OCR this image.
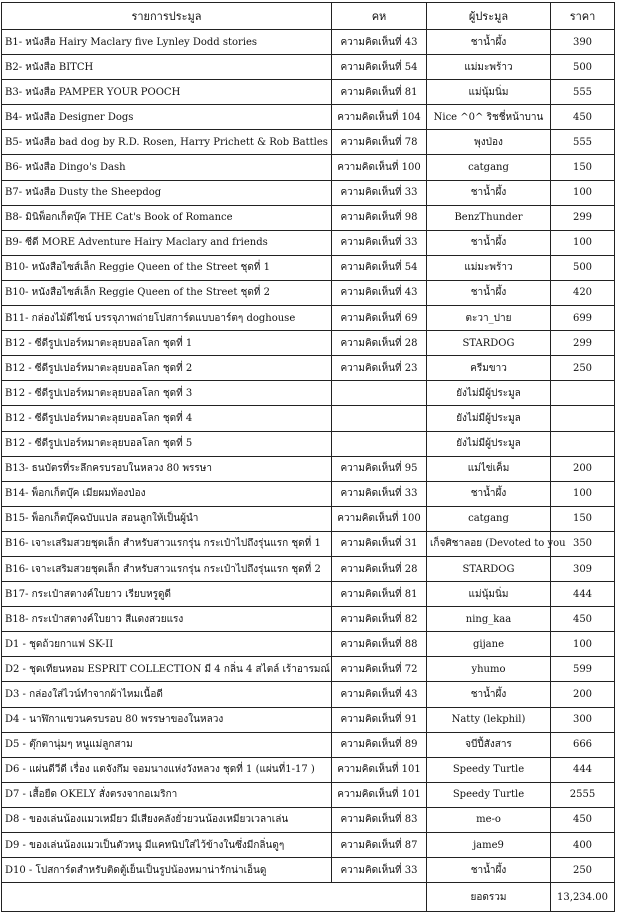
รายการประมูล	คห	ผู้ประมูล	ราคา
B1- หนังสือ Hairy Maclary five Lynley Dodd stories	ความคิดเห็นที่ 43	ชาน้ำผึ้ง	390
B2- หนังสือ BITCH	ความคิดเห็นที่ 54	แม่มะพร้าว	500
B3- หนังสือ PAMPER YOUR POOCH	ความคิดเห็นที่ 81	แม่นุ้มนิ่ม	555
B4- หนังสือ Designer Dogs	ความคิดเห็นที่ 104	Nice ^0^ ริชชี่หน้าบาน	450
B5- หนังสือ bad dog by R.D. Rosen, Harry Prichett & Rob Battles	ความคิดเห็นที่ 78	พุงป่อง	555
B6- หนังสือ Dingo's Dash	ความคิดเห็นที่ 100	catgang	150
B7- หนังสือ Dusty the Sheepdog	ความคิดเห็นที่ 33	ชาน้ำผึ้ง	100
B8- มินิพ็อกเก็ตบุ๊ค THE Cat's Book of Romance	ความคิดเห็นที่ 98	BenzThunder	299
B9- ซีดี MORE Adventure Hairy Maclary and friends	ความคิดเห็นที่ 33	ชาน้ำผึ้ง	100
B10- หนังสือไซส์เล็ก Reggie Queen of the Street ชุดที่ 1	ความคิดเห็นที่ 54	แม่มะพร้าว	500
B10- หนังสือไซส์เล็ก Reggie Queen of the Street ชุดที่ 2	ความคิดเห็นที่ 43	ชาน้ำผึ้ง	420
B11- กล่องไม้ดีไซน์ บรรจุภาพถ่ายโปสการ์ดแบบอาร์ตๆ doghouse	ความคิดเห็นที่ 69	ตะวา_ปาย	699
B12 - ซีดีรูปเปอร์หมาตะลุยบอลโลก ชุดที่ 1	ความคิดเห็นที่ 28	STARDOG	299
B12 - ซีดีรูปเปอร์หมาตะลุยบอลโลก ชุดที่ 2	ความคิดเห็นที่ 23	ครีมขาว	250
B12 - ซีดีรูปเปอร์หมาตะลุยบอลโลก ชุดที่ 3		ยังไม่มีผู้ประมูล	
B12 - ซีดีรูปเปอร์หมาตะลุยบอลโลก ชุดที่ 4		ยังไม่มีผู้ประมูล	
B12 - ซีดีรูปเปอร์หมาตะลุยบอลโลก ชุดที่ 5		ยังไม่มีผู้ประมูล	
B13- ธนบัตรที่ระลึกครบรอบในหลวง 80 พรรษา	ความคิดเห็นที่ 95	แม่ไข่เค็ม	200
B14- พ็อกเก็ตบุ๊ค เมียผมท้องป่อง	ความคิดเห็นที่ 33	ชาน้ำผึ้ง	100
B15- พ็อกเก็ตบุ๊คฉบับแปล สอนลูกให้เป็นผู้นำ	ความคิดเห็นที่ 100	catgang	150
B16- เจาะเสริมสวยชุดเล็ก สำหรับสาวแรกรุ่น กระเป๋าไปถึงรุ่นแรก ชุดที่ 1	ความคิดเห็นที่ 31	เก็จศิชาลอย (Devoted to you	350
B16- เจาะเสริมสวยชุดเล็ก สำหรับสาวแรกรุ่น กระเป๋าไปถึงรุ่นแรก ชุดที่ 2	ความคิดเห็นที่ 28	STARDOG	309
B17- กระเป๋าสตางค์ใบยาว เรียบหรูดูดี	ความคิดเห็นที่ 81	แม่นุ้มนิ่ม	444
B18- กระเป๋าสตางค์ใบยาว สีแดงสวยแรง	ความคิดเห็นที่ 82	ning_kaa	450
D1 - ชุดถ้วยกาแฟ SK-II	ความคิดเห็นที่ 88	gijane	100
D2 - ชุดเทียนหอม ESPRIT COLLECTION มี 4 กลิ่น 4 สไตล์ เร้าอารมณ์	ความคิดเห็นที่ 72	yhumo	599
D3 - กล่องใส่ไวน์ทำจากผ้าไหมเนื้อดี	ความคิดเห็นที่ 43	ชาน้ำผึ้ง	200
D4 - นาฬิกาแขวนครบรอบ 80 พรรษาของในหลวง	ความคิดเห็นที่ 91	Natty (lekphil)	300
D5 - ตุ๊กตานุ่มๆ หนูแม่ลูกสาม	ความคิดเห็นที่ 89	จบีปี้สังสาร	666
D6 - แผ่นดีวีดี เรื่อง แดจังกึม จอมนางแห่งวังหลวง ชุดที่ 1 (แผ่นที่1-17 )	ความคิดเห็นที่ 101	Speedy Turtle	444
D7 - เสื้อยืด OKELY สั่งตรงจากอเมริกา	ความคิดเห็นที่ 101	Speedy Turtle	2555
D8 - ของเล่นน้องแมวเหมียว มีเสียงคลังยั่วยวนน้องเหมียวเวลาเล่น	ความคิดเห็นที่ 83	me-o	450
D9 - ของเล่นน้องแมวเป็นตัวหนู มีแคทนิปใส่ไว้ข้างในซึ่งมีกลิ่นดูๆ	ความคิดเห็นที่ 87	jame9	400
D10 - โปสการ์ดสำหรับติดตู้เย็นเป็นรูปน้องหมาน่ารักน่าเอ็นดู	ความคิดเห็นที่ 33	ชาน้ำผึ้ง	250
		ยอดรวม	13,234.00
